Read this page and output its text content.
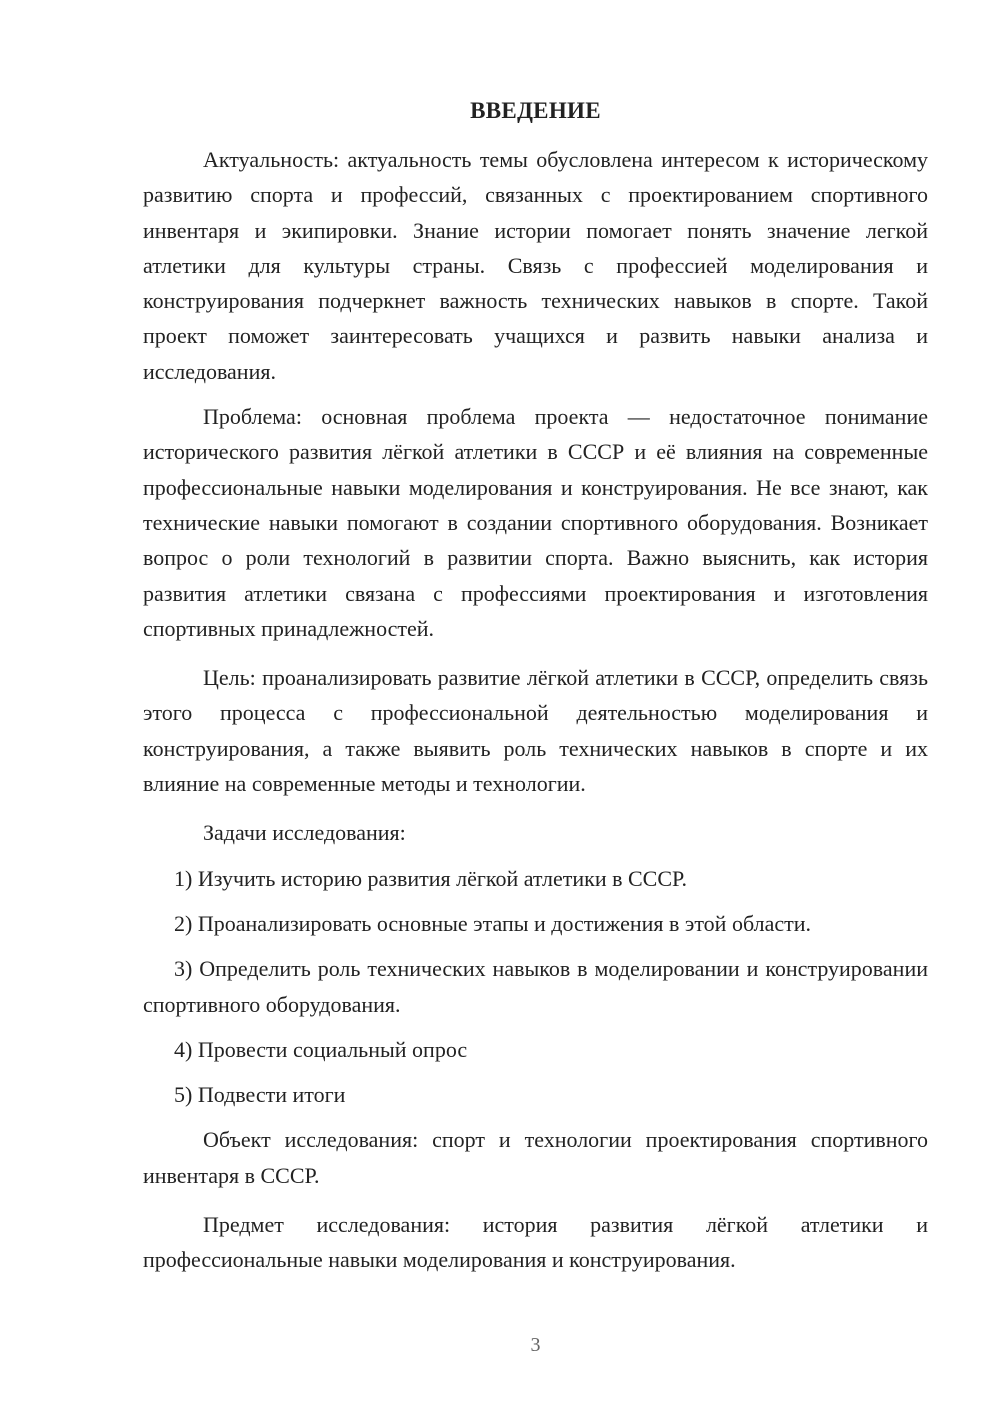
ВВЕДЕНИЕ

Актуальность: актуальность темы обусловлена интересом к историческому развитию спорта и профессий, связанных с проектированием спортивного инвентаря и экипировки. Знание истории помогает понять значение легкой атлетики для культуры страны. Связь с профессией моделирования и конструирования подчеркнет важность технических навыков в спорте. Такой проект поможет заинтересовать учащихся и развить навыки анализа и исследования.

Проблема: основная проблема проекта — недостаточное понимание исторического развития лёгкой атлетики в СССР и её влияния на современные профессиональные навыки моделирования и конструирования. Не все знают, как технические навыки помогают в создании спортивного оборудования. Возникает вопрос о роли технологий в развитии спорта. Важно выяснить, как история развития атлетики связана с профессиями проектирования и изготовления спортивных принадлежностей.

Цель: проанализировать развитие лёгкой атлетики в СССР, определить связь этого процесса с профессиональной деятельностью моделирования и конструирования, а также выявить роль технических навыков в спорте и их влияние на современные методы и технологии.

Задачи исследования:

1) Изучить историю развития лёгкой атлетики в СССР.

2) Проанализировать основные этапы и достижения в этой области.

3) Определить роль технических навыков в моделировании и конструировании спортивного оборудования.

4) Провести социальный опрос

5) Подвести итоги

Объект исследования: спорт и технологии проектирования спортивного инвентаря в СССР.

Предмет исследования: история развития лёгкой атлетики и профессиональные навыки моделирования и конструирования.

3
